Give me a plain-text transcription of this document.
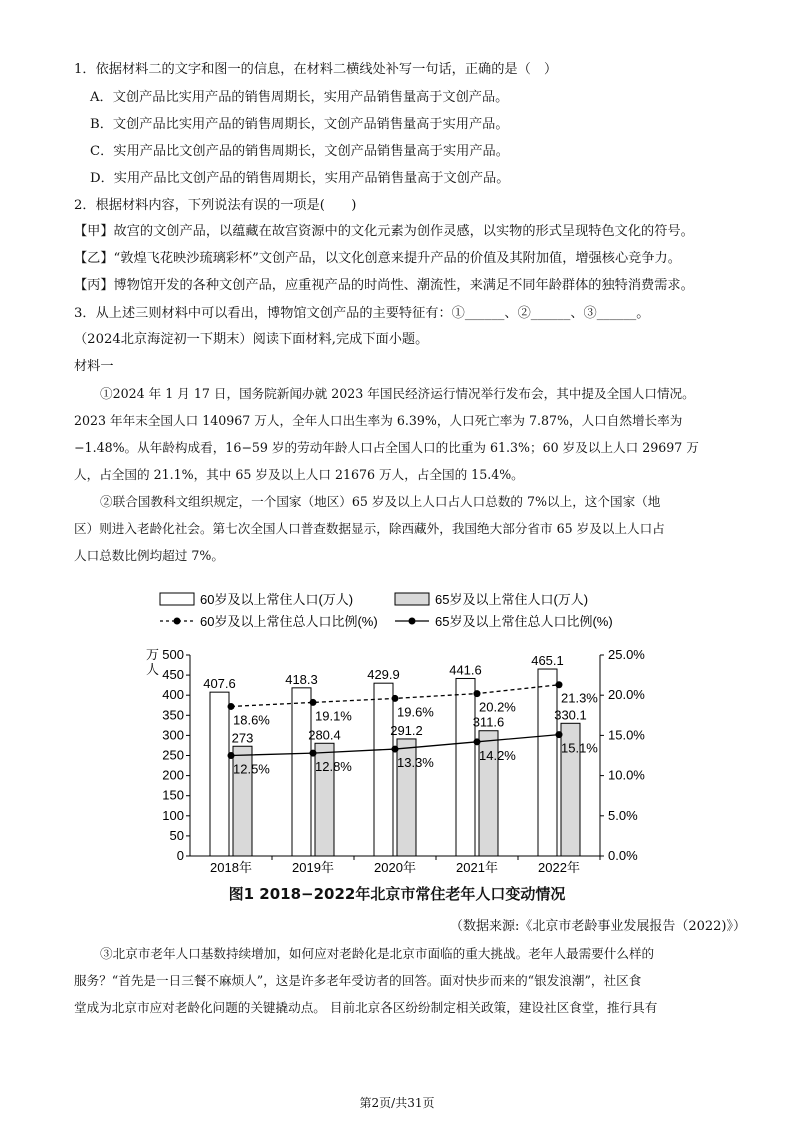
1．依据材料二的文字和图一的信息，在材料二横线处补写一句话，正确的是（　）
A．文创产品比实用产品的销售周期长，实用产品销售量高于文创产品。
B．文创产品比实用产品的销售周期长，文创产品销售量高于实用产品。
C．实用产品比文创产品的销售周期长，文创产品销售量高于实用产品。
D．实用产品比文创产品的销售周期长，实用产品销售量高于文创产品。
2．根据材料内容，下列说法有误的一项是(　　)
【甲】故宫的文创产品，以蕴藏在故宫资源中的文化元素为创作灵感，以实物的形式呈现特色文化的符号。
【乙】“敦煌飞花映沙琉璃彩杯”文创产品，以文化创意来提升产品的价值及其附加值，增强核心竞争力。
【丙】博物馆开发的各种文创产品，应重视产品的时尚性、潮流性，来满足不同年龄群体的独特消费需求。
3．从上述三则材料中可以看出，博物馆文创产品的主要特征有：①______、②______、③______。
（2024北京海淀初一下期末）阅读下面材料,完成下面小题。
材料一
①2024 年 1 月 17 日，国务院新闻办就 2023 年国民经济运行情况举行发布会，其中提及全国人口情况。
2023 年年末全国人口 140967 万人，全年人口出生率为 6.39%，人口死亡率为 7.87%，人口自然增长率为
−1.48%。从年龄构成看，16−59 岁的劳动年龄人口占全国人口的比重为 61.3%；60 岁及以上人口 29697 万
人，占全国的 21.1%，其中 65 岁及以上人口 21676 万人，占全国的 15.4%。
②联合国教科文组织规定，一个国家（地区）65 岁及以上人口占人口总数的 7%以上，这个国家（地
区）则进入老龄化社会。第七次全国人口普查数据显示，除西藏外，我国绝大部分省市 65 岁及以上人口占
人口总数比例均超过 7%。
60岁及以上常住人口(万人)	65岁及以上常住人口(万人)
60岁及以上常住总人口比例(%)	65岁及以上常住总人口比例(%)
0
50
100
150
200
250
300
350
400
450
500
0.0%
5.0%
10.0%
15.0%
20.0%
25.0%
万
人
2018年	2019年	2020年	2021年	2022年
407.6	418.3	429.9	441.6
465.1
273	280.4	291.2
311.6	330.1
18.6%	19.1%	19.6%	20.2%
21.3%
12.5%	12.8%	13.3%	14.2%	15.1%
图1 2018−2022年北京市常住老年人口变动情况
（数据来源:《北京市老龄事业发展报告（2022)》）
③北京市老年人口基数持续增加，如何应对老龄化是北京市面临的重大挑战。老年人最需要什么样的
服务？“首先是一日三餐不麻烦人”，这是许多老年受访者的回答。面对快步而来的“银发浪潮”，社区食
堂成为北京市应对老龄化问题的关键撬动点。 目前北京各区纷纷制定相关政策，建设社区食堂，推行具有
第2页/共31页
